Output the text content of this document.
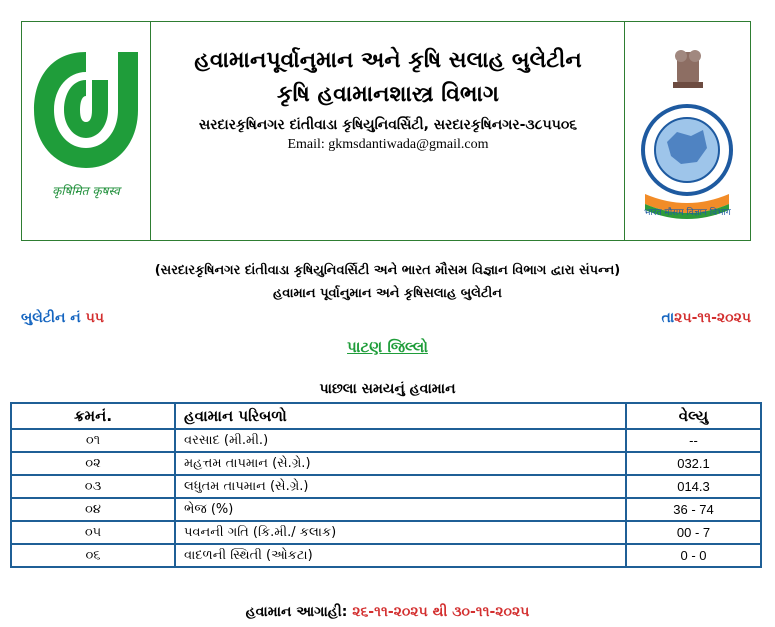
कृषिमित कृषस्व
હવામાનપૂર્વાનુમાન અને કૃષિ સલાહ બુલેટીન
કૃષિ હવામાનશાસ્ત્ર વિભાગ
સરદારકૃષિનગર દાંતીવાડા કૃષિયુનિવર્સિટી, સરદારકૃષિનગર-૩૮૫૫૦૬
Email: gkmsdantiwada@gmail.com
भारत मौसम विज्ञान विभाग
(સરદારકૃષિનગર દાંતીવાડા કૃષિયુનિવર્સિટી અને ભારત મૌસમ વિજ્ઞાન વિભાગ દ્વારા સંપન્ન)
હવામાન પૂર્વાનુમાન અને કૃષિસલાહ બુલેટીન
બુલેટીન નં ૫૫	તા૨૫-૧૧-૨૦૨૫
પાટણ જિલ્લો
પાછલા સમયનું હવામાન
ક્રમનં.	હવામાન પરિબળો	વેલ્યુ
૦૧	વરસાદ (મી.મી.)	--
૦૨	મહત્તમ તાપમાન (સે.ગ્રે.)	032.1
૦૩	લધુતમ તાપમાન (સે.ગ્રે.)	014.3
૦૪	ભેજ (%)	36 - 74
૦૫	પવનની ગતિ (કિ.મી./ કલાક)	00 - 7
૦૬	વાદળની સ્થિતી (ઓકટા)	0 - 0
હવામાન આગાહી: ૨૬-૧૧-૨૦૨૫ થી ૩૦-૧૧-૨૦૨૫
